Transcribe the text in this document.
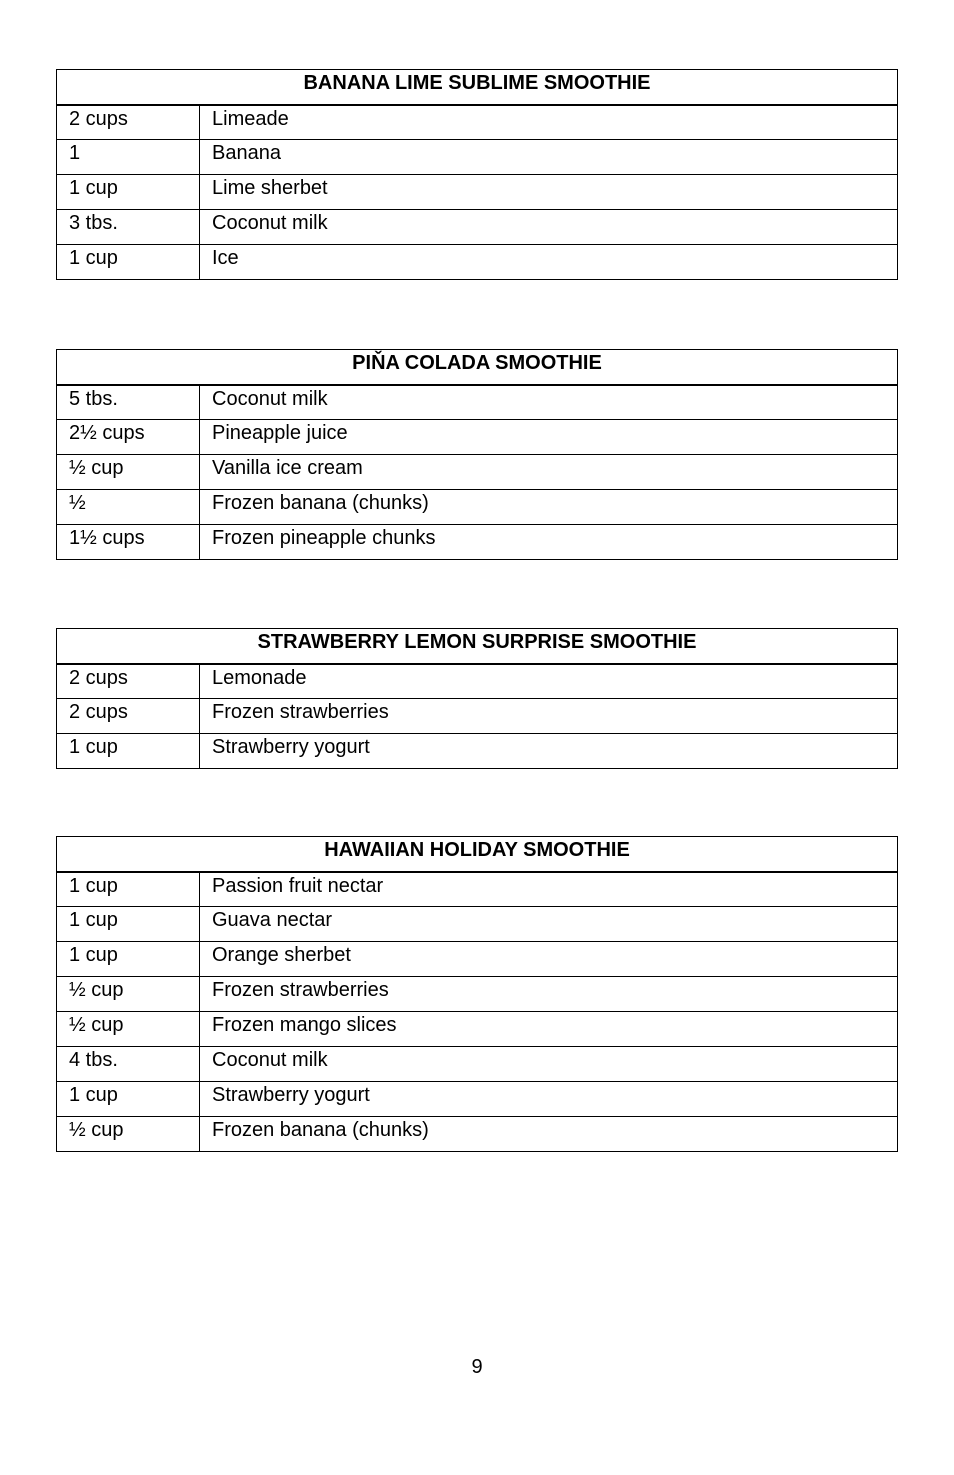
BANANA LIME SUBLIME SMOOTHIE	
2 cups	Limeade
1	Banana
1 cup	Lime sherbet
3 tbs.	Coconut milk
1 cup	Ice
PIŇA COLADA SMOOTHIE	
5 tbs.	Coconut milk
2½ cups	Pineapple juice
½ cup	Vanilla ice cream
½	Frozen banana (chunks)
1½ cups	Frozen pineapple chunks
STRAWBERRY LEMON SURPRISE SMOOTHIE	
2 cups	Lemonade
2 cups	Frozen strawberries
1 cup	Strawberry yogurt
HAWAIIAN HOLIDAY SMOOTHIE	
1 cup	Passion fruit nectar
1 cup	Guava nectar
1 cup	Orange sherbet
½ cup	Frozen strawberries
½ cup	Frozen mango slices
4 tbs.	Coconut milk
1 cup	Strawberry yogurt
½ cup	Frozen banana (chunks)
9
